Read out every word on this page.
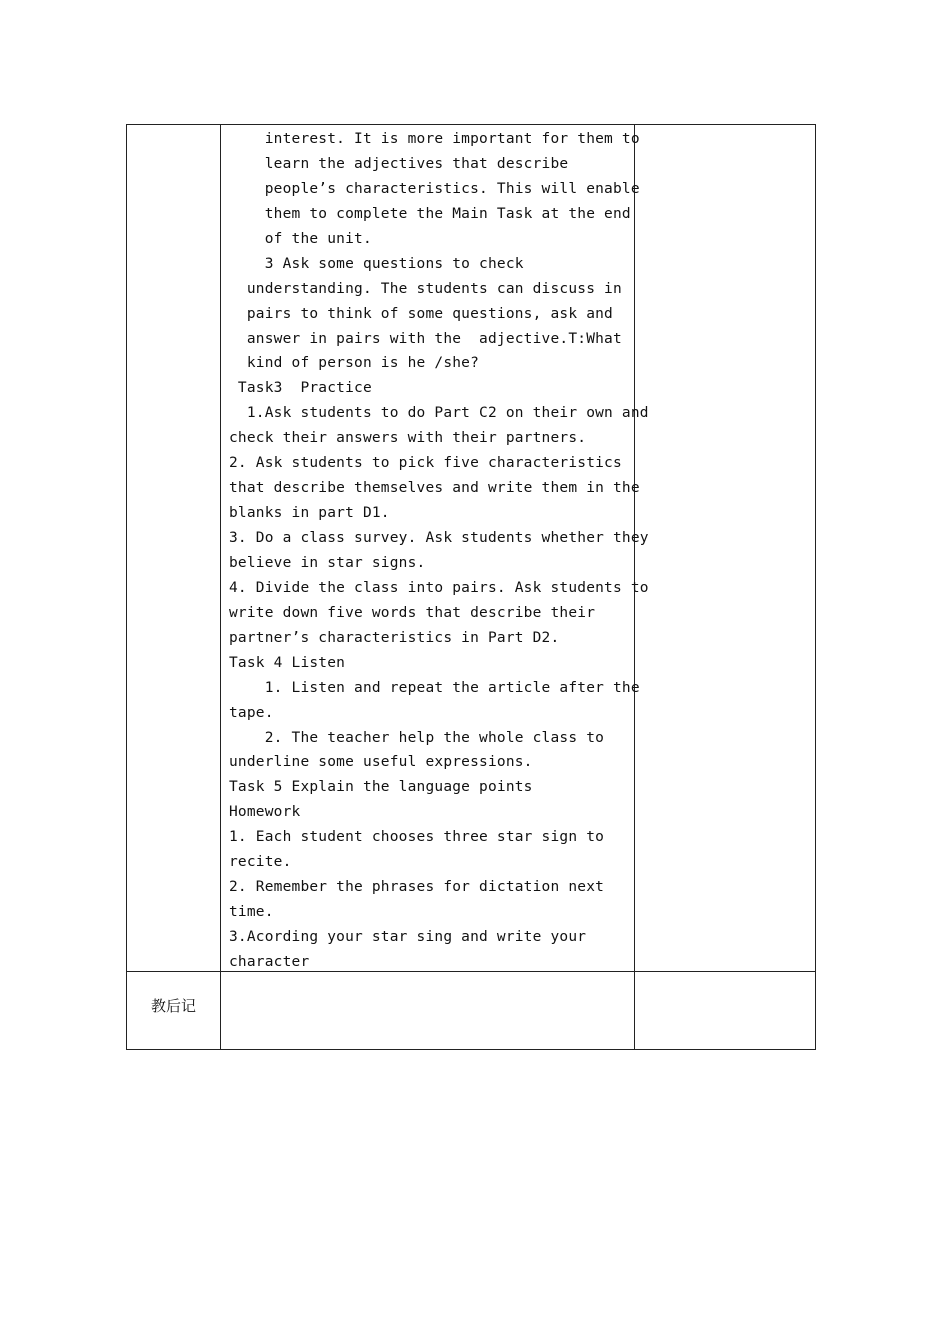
interest. It is more important for them to
learn the adjectives that describe
people’s characteristics. This will enable
them to complete the Main Task at the end
of the unit.
3 Ask some questions to check
understanding. The students can discuss in
pairs to think of some questions, ask and
answer in pairs with the  adjective.T:What
kind of person is he /she?
Task3  Practice
1.Ask students to do Part C2 on their own and
check their answers with their partners.
2. Ask students to pick five characteristics
that describe themselves and write them in the
blanks in part D1.
3. Do a class survey. Ask students whether they
believe in star signs.
4. Divide the class into pairs. Ask students to
write down five words that describe their
partner’s characteristics in Part D2.
Task 4 Listen
1. Listen and repeat the article after the
tape.
2. The teacher help the whole class to
underline some useful expressions.
Task 5 Explain the language points
Homework
1. Each student chooses three star sign to
recite.
2. Remember the phrases for dictation next
time.
3.Acording your star sing and write your
character
教后记
